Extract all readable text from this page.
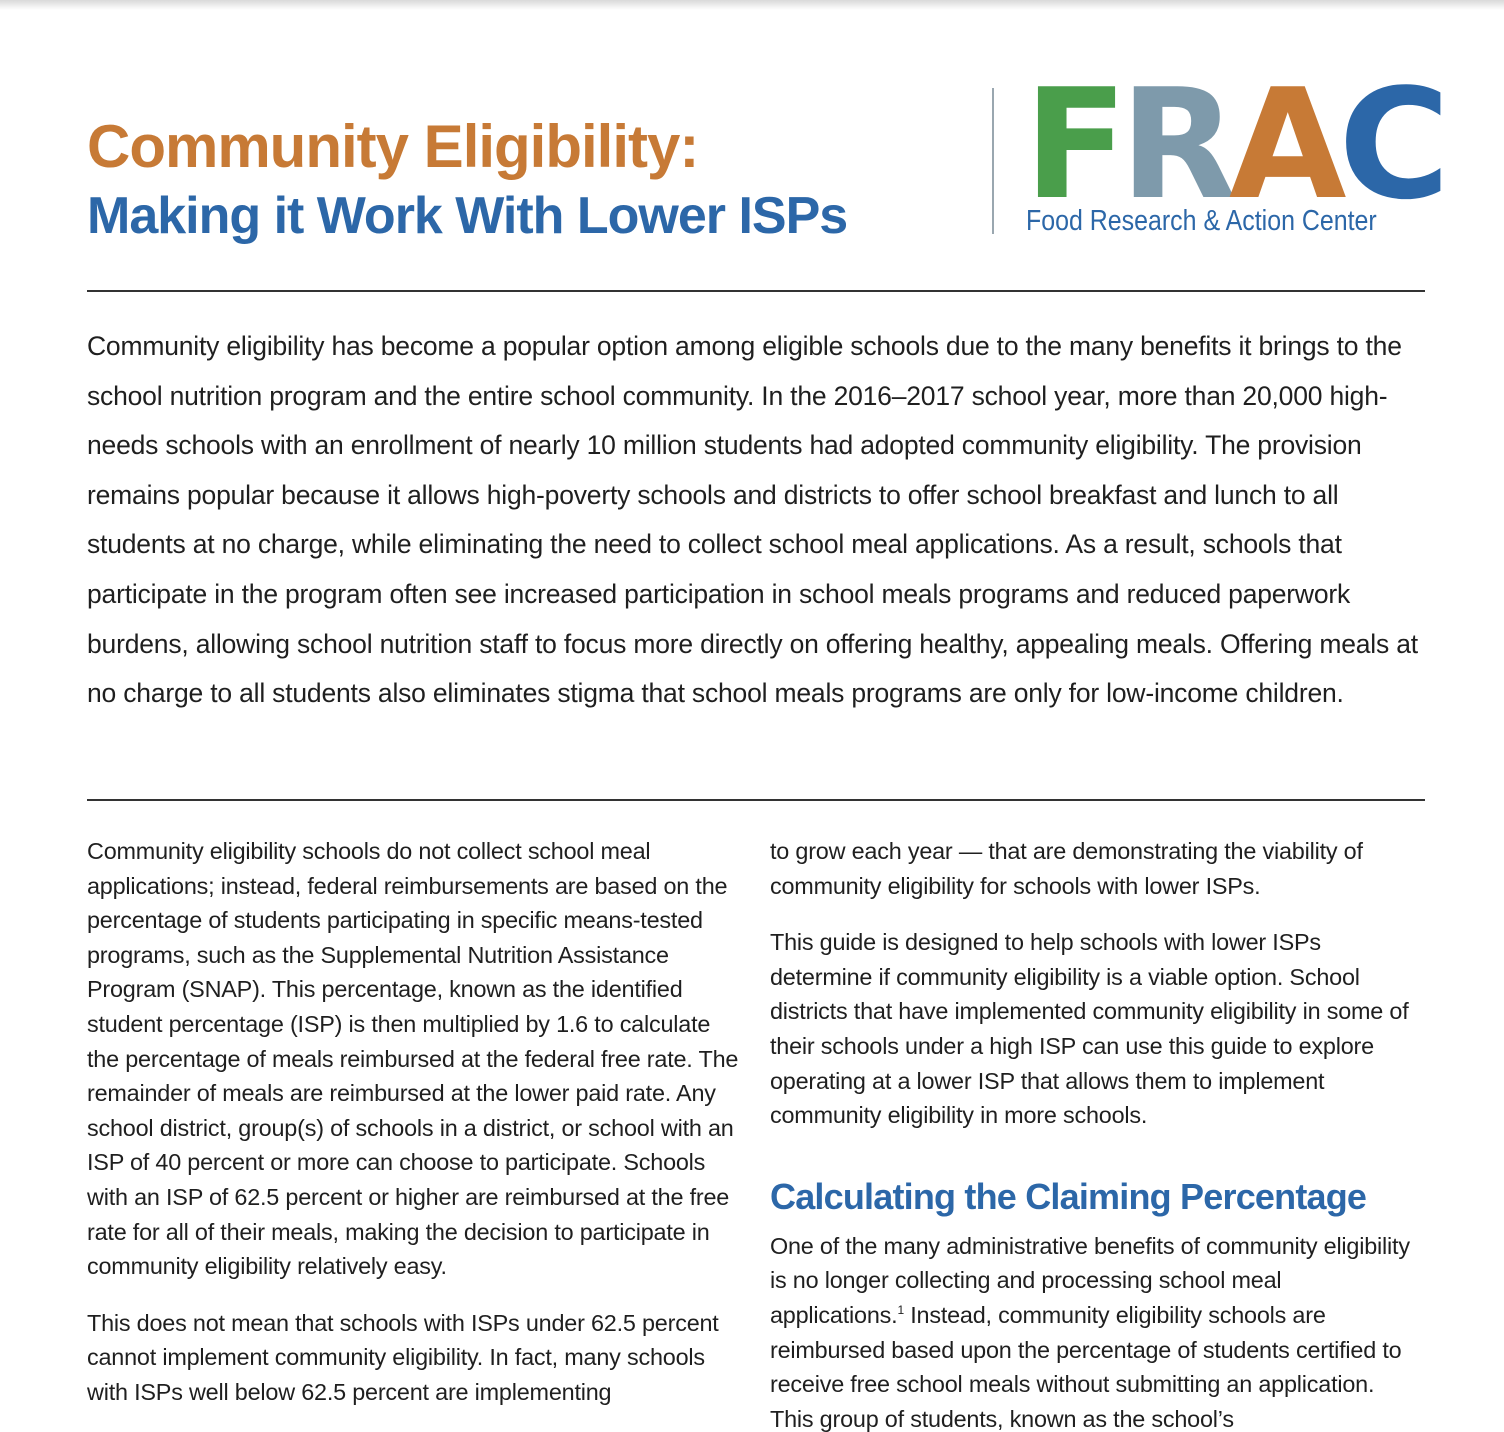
Community Eligibility:
Making it Work With Lower ISPs FRAC
Food Research & Action Center

Community eligibility has become a popular option among eligible schools due to the many benefits it brings to the school nutrition program and the entire school community. In the 2016–2017 school year, more than 20,000 high-needs schools with an enrollment of nearly 10 million students had adopted community eligibility. The provision remains popular because it allows high-poverty schools and districts to offer school breakfast and lunch to all students at no charge, while eliminating the need to collect school meal applications. As a result, schools that participate in the program often see increased participation in school meals programs and reduced paperwork burdens, allowing school nutrition staff to focus more directly on offering healthy, appealing meals. Offering meals at no charge to all students also eliminates stigma that school meals programs are only for low-income children.

Community eligibility schools do not collect school meal applications; instead, federal reimbursements are based on the percentage of students participating in specific means-tested programs, such as the Supplemental Nutrition Assistance Program (SNAP). This percentage, known as the identified student percentage (ISP) is then multiplied by 1.6 to calculate the percentage of meals reimbursed at the federal free rate. The remainder of meals are reimbursed at the lower paid rate. Any school district, group(s) of schools in a district, or school with an ISP of 40 percent or more can choose to participate. Schools with an ISP of 62.5 percent or higher are reimbursed at the free rate for all of their meals, making the decision to participate in community eligibility relatively easy.

This does not mean that schools with ISPs under 62.5 percent cannot implement community eligibility. In fact, many schools with ISPs well below 62.5 percent are implementing

to grow each year — that are demonstrating the viability of community eligibility for schools with lower ISPs.

This guide is designed to help schools with lower ISPs determine if community eligibility is a viable option. School districts that have implemented community eligibility in some of their schools under a high ISP can use this guide to explore operating at a lower ISP that allows them to implement community eligibility in more schools.

Calculating the Claiming Percentage

One of the many administrative benefits of community eligibility is no longer collecting and processing school meal applications.$^1$ Instead, community eligibility schools are reimbursed based upon the percentage of students certified to receive free school meals without submitting an application. This group of students, known as the school’s
